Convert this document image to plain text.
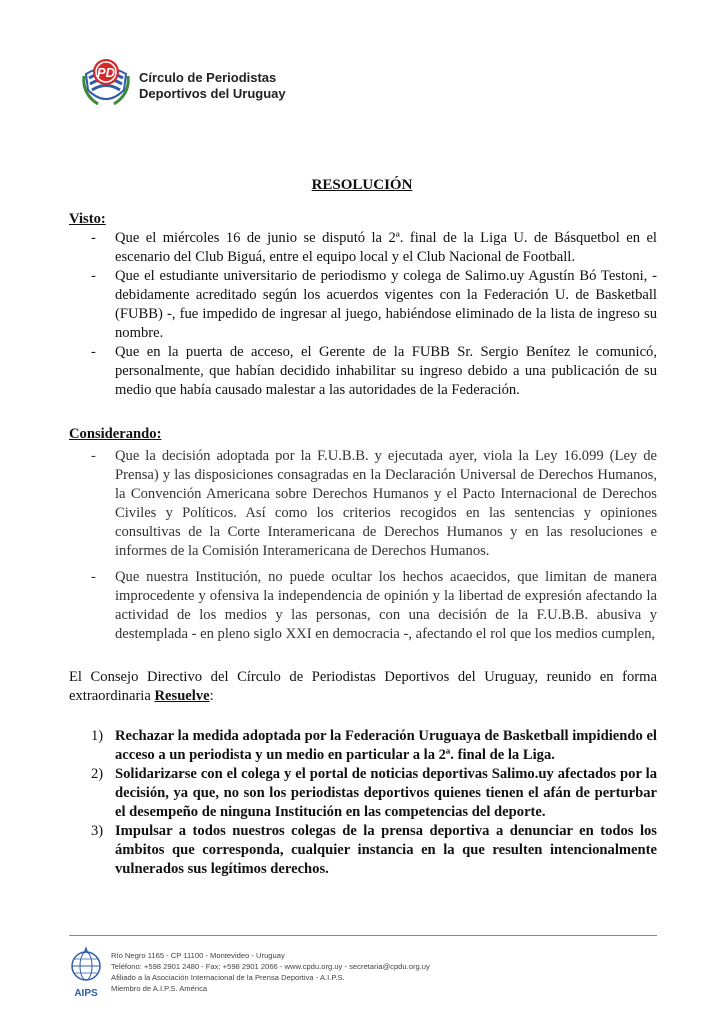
PD Círculo de Periodistas
Deportivos del Uruguay
RESOLUCIÓN

Visto:

- Que el miércoles 16 de junio se disputó la 2ª. final de la Liga U. de Básquetbol en el escenario del Club Biguá, entre el equipo local y el Club Nacional de Football.
- Que el estudiante universitario de periodismo y colega de Salimo.uy Agustín Bó Testoni, - debidamente acreditado según los acuerdos vigentes con la Federación U. de Basketball (FUBB) -, fue impedido de ingresar al juego, habiéndose eliminado de la lista de ingreso su nombre.
- Que en la puerta de acceso, el Gerente de la FUBB Sr. Sergio Benítez le comunicó, personalmente, que habían decidido inhabilitar su ingreso debido a una publicación de su medio que había causado malestar a las autoridades de la Federación.

Considerando:

- Que la decisión adoptada por la F.U.B.B. y ejecutada ayer, viola la Ley 16.099 (Ley de Prensa) y las disposiciones consagradas en la Declaración Universal de Derechos Humanos, la Convención Americana sobre Derechos Humanos y el Pacto Internacional de Derechos Civiles y Políticos. Así como los criterios recogidos en las sentencias y opiniones consultivas de la Corte Interamericana de Derechos Humanos y en las resoluciones e informes de la Comisión Interamericana de Derechos Humanos.
- Que nuestra Institución, no puede ocultar los hechos acaecidos, que limitan de manera improcedente y ofensiva la independencia de opinión y la libertad de expresión afectando la actividad de los medios y las personas, con una decisión de la F.U.B.B. abusiva y destemplada - en pleno siglo XXI en democracia -, afectando el rol que los medios cumplen,
El Consejo Directivo del Círculo de Periodistas Deportivos del Uruguay, reunido en forma extraordinaria Resuelve:
1) Rechazar la medida adoptada por la Federación Uruguaya de Basketball impidiendo el acceso a un periodista y un medio en particular a la 2ª. final de la Liga.
2) Solidarizarse con el colega y el portal de noticias deportivas Salimo.uy afectados por la decisión, ya que, no son los periodistas deportivos quienes tienen el afán de perturbar el desempeño de ninguna Institución en las competencias del deporte.
3) Impulsar a todos nuestros colegas de la prensa deportiva a denunciar en todos los ámbitos que corresponda, cualquier instancia en la que resulten intencionalmente vulnerados sus legítimos derechos.
AIPS
Río Negro 1165 - CP 11100 - Montevideo - Uruguay
Teléfono: +598 2901 2480 - Fax: +598 2901 2066 - www.cpdu.org.uy - secretaria@cpdu.org.uy
Afiliado a la Asociación Internacional de la Prensa Deportiva - A.I.P.S.
Miembro de A.I.P.S. América
